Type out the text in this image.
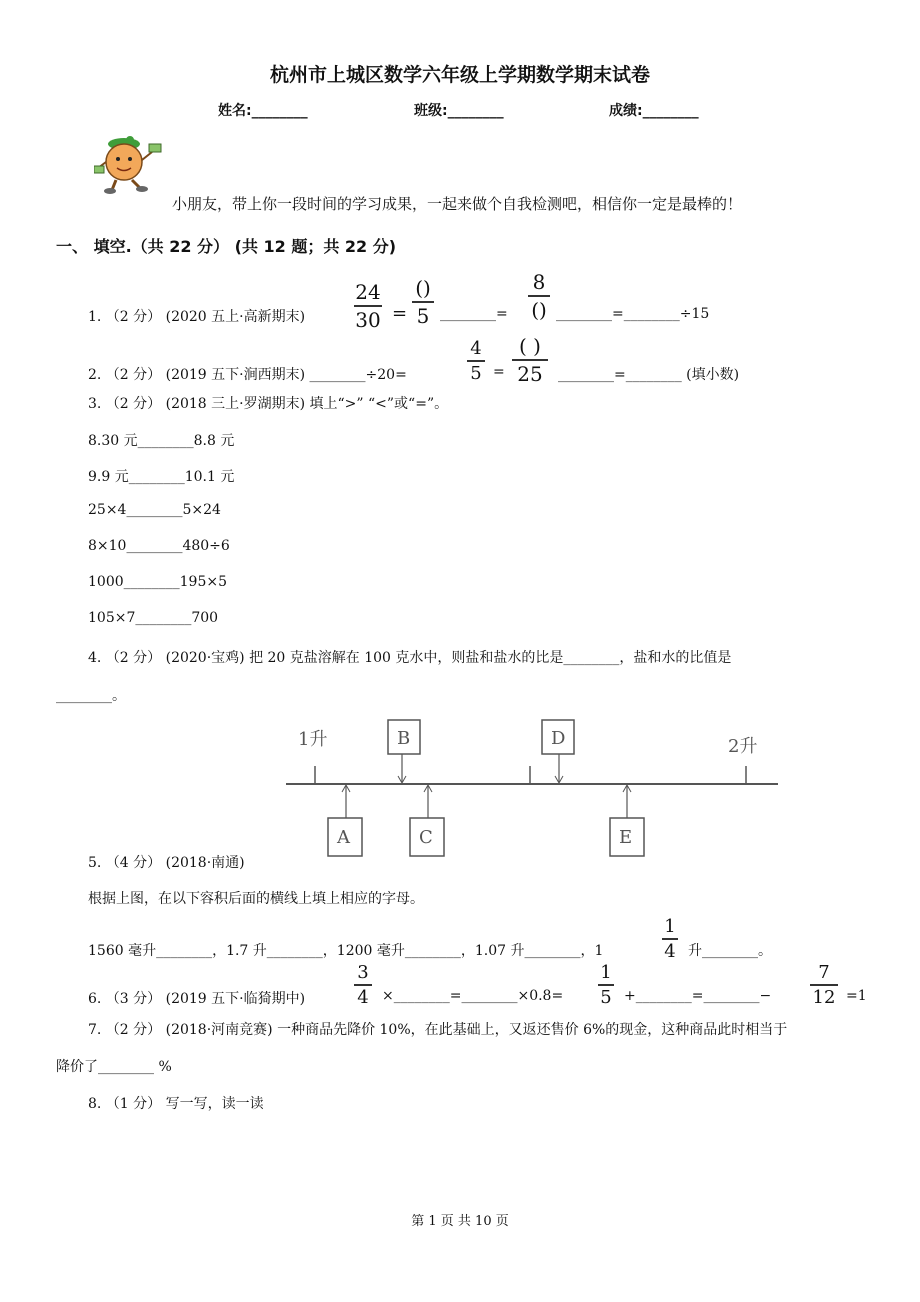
杭州市上城区数学六年级上学期数学期末试卷
姓名:________	班级:________	成绩:________
小朋友，带上你一段时间的学习成果，一起来做个自我检测吧，相信你一定是最棒的！
一、 填空.（共 22 分） (共 12 题；共 22 分)
1. （2 分） (2020 五上·高新期末)
24
30 =
()
5 ________=
8
() ________=________÷15
2. （2 分） (2019 五下·涧西期末) ________÷20=
4
5 =
( )
25	________=________ (填小数)
3. （2 分） (2018 三上·罗湖期末) 填上“>” “<”或“=”。
8.30 元________8.8 元
9.9 元________10.1 元
25×4________5×24
8×10________480÷6
1000________195×5
105×7________700
4. （2 分） (2020·宝鸡) 把 20 克盐溶解在 100 克水中，则盐和盐水的比是________，盐和水的比值是
________。
1升	2升
B	D
A	C	E
5. （4 分） (2018·南通)
根据上图，在以下容积后面的横线上填上相应的字母。
1560 毫升________，1.7 升________，1200 毫升________，1.07 升________，1
1
4 升________。
6. （3 分） (2019 五下·临猗期中)
3
4 ×________=________×0.8=
1
5 +________=________−
7
12 =1
7. （2 分） (2018·河南竞赛) 一种商品先降价 10%，在此基础上，又返还售价 6%的现金，这种商品此时相当于
降价了________ %
8. （1 分） 写一写，读一读
第 1 页 共 10 页
